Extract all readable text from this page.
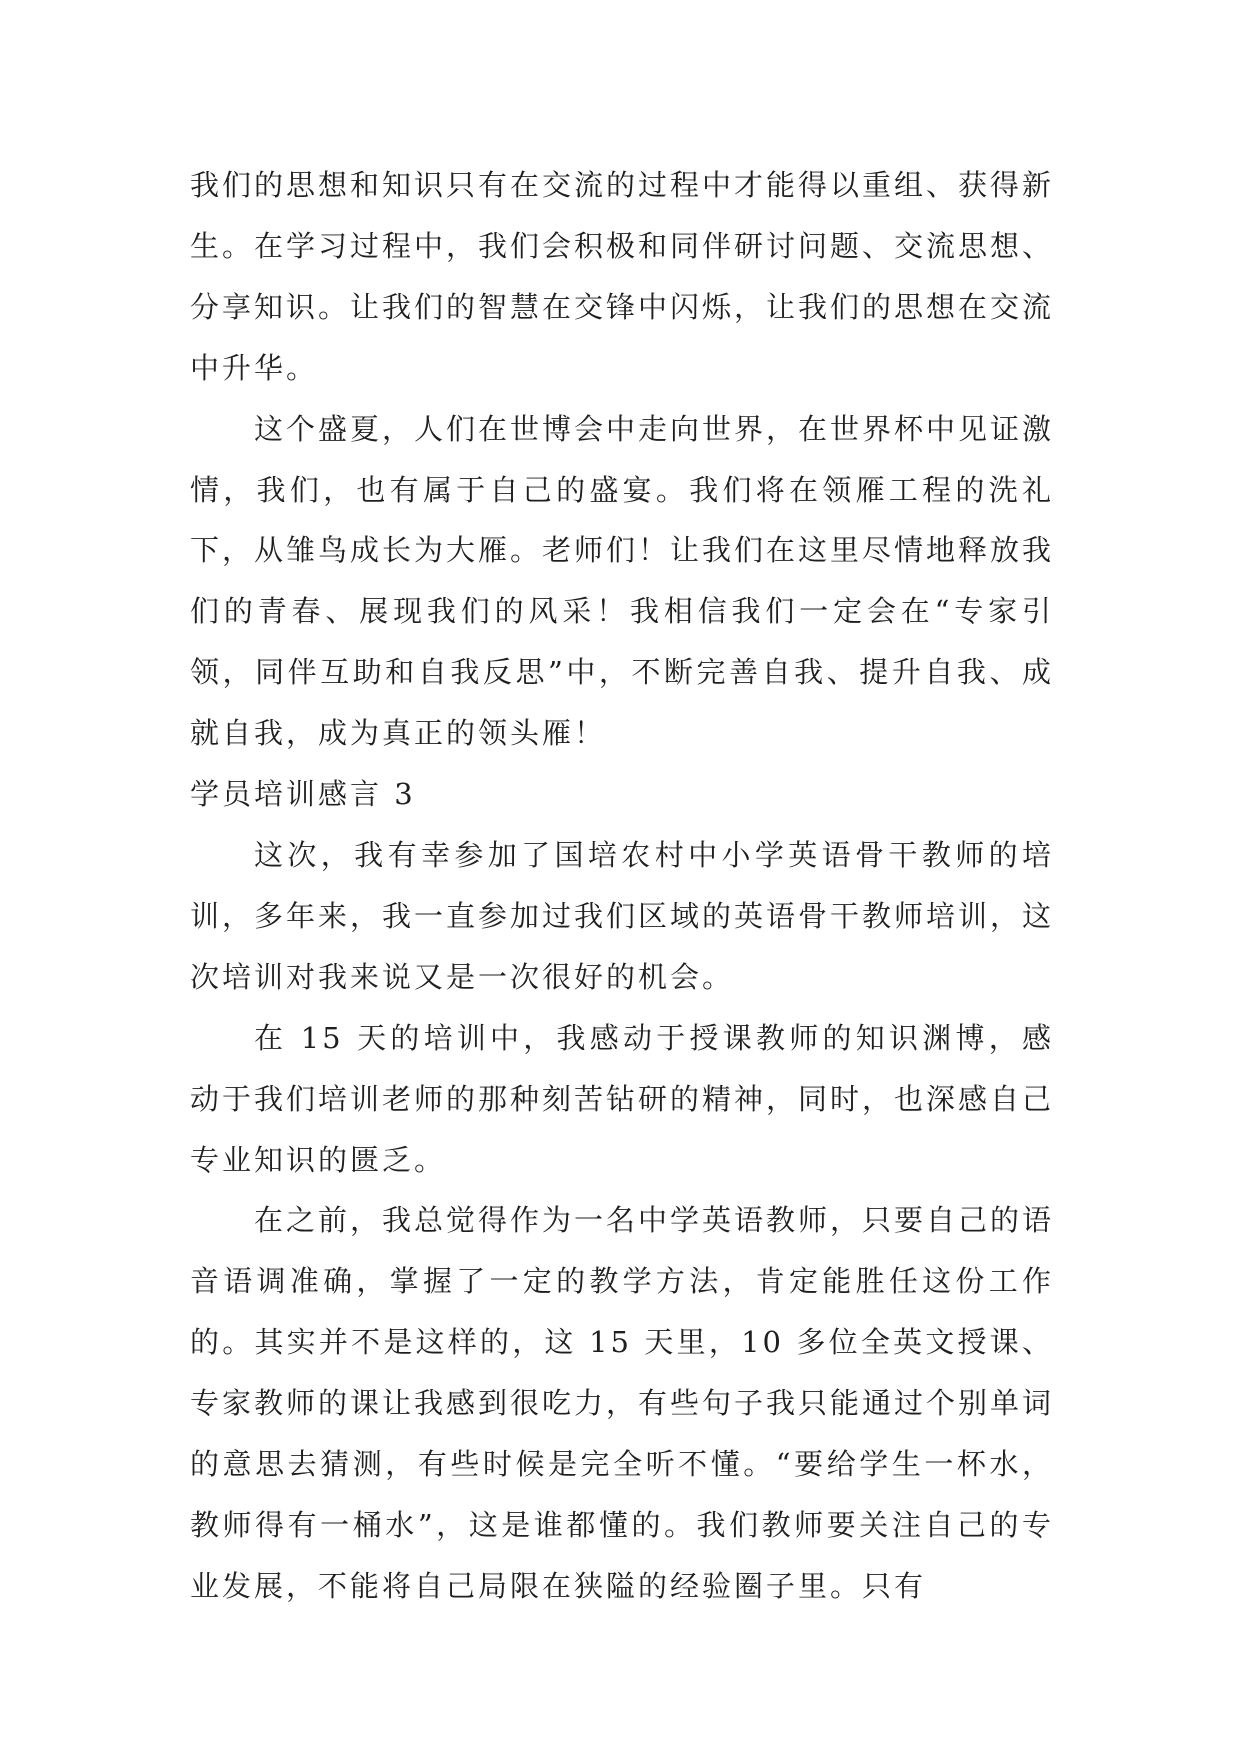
我们的思想和知识只有在交流的过程中才能得以重组、获得新生。在学习过程中，我们会积极和同伴研讨问题、交流思想、分享知识。让我们的智慧在交锋中闪烁，让我们的思想在交流中升华。

这个盛夏，人们在世博会中走向世界，在世界杯中见证激情，我们，也有属于自己的盛宴。我们将在领雁工程的洗礼下，从雏鸟成长为大雁。老师们！让我们在这里尽情地释放我们的青春、展现我们的风采！我相信我们一定会在“专家引领，同伴互助和自我反思”中，不断完善自我、提升自我、成就自我，成为真正的领头雁！

学员培训感言 3

这次，我有幸参加了国培农村中小学英语骨干教师的培训，多年来，我一直参加过我们区域的英语骨干教师培训，这次培训对我来说又是一次很好的机会。

在 15 天的培训中，我感动于授课教师的知识渊博，感动于我们培训老师的那种刻苦钻研的精神，同时，也深感自己专业知识的匮乏。

在之前，我总觉得作为一名中学英语教师，只要自己的语音语调准确，掌握了一定的教学方法，肯定能胜任这份工作的。其实并不是这样的，这 15 天里，10 多位全英文授课、专家教师的课让我感到很吃力，有些句子我只能通过个别单词的意思去猜测，有些时候是完全听不懂。“要给学生一杯水，教师得有一桶水”，这是谁都懂的。我们教师要关注自己的专业发展，不能将自己局限在狭隘的经验圈子里。只有
